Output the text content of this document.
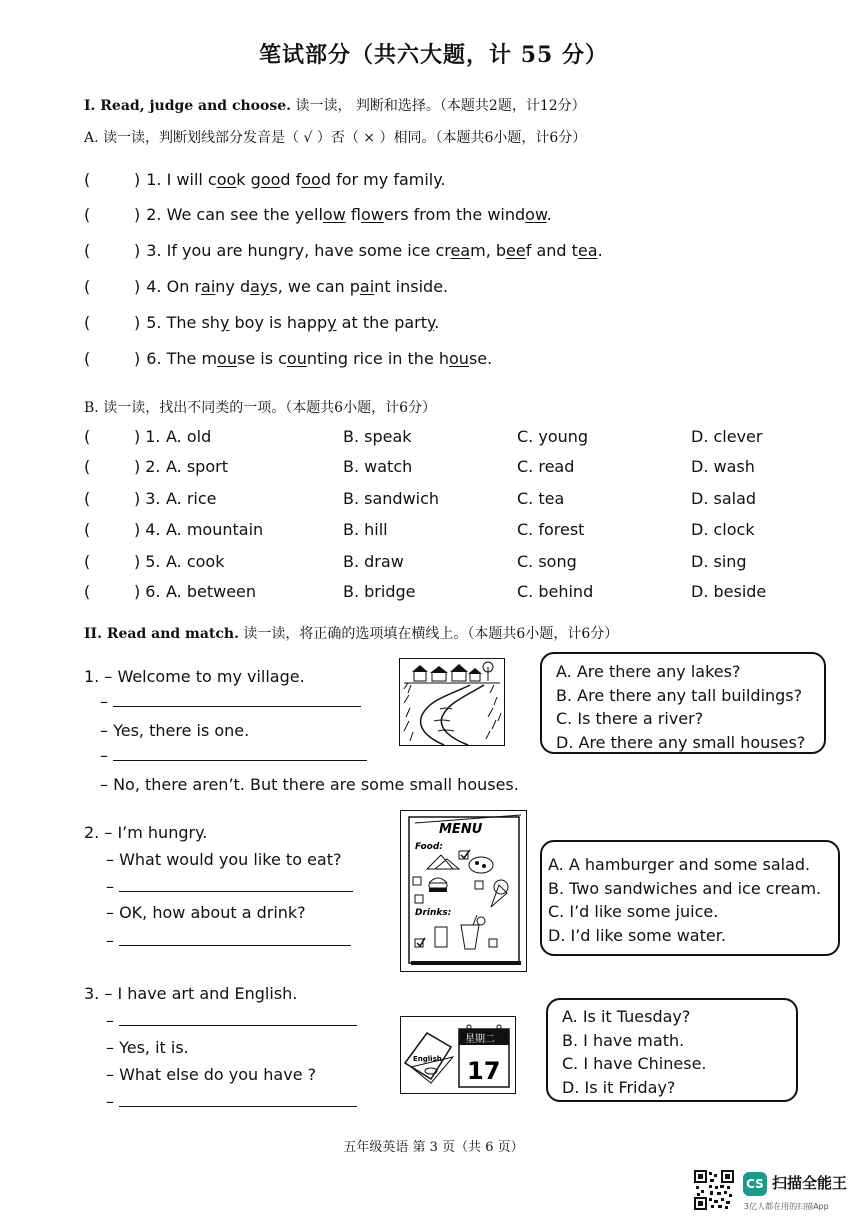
笔试部分（共六大题，计 55 分）
I. Read, judge and choose. 读一读， 判断和选择。（本题共2题，计12分）
A. 读一读，判断划线部分发音是（ √ ）否（ × ）相同。（本题共6小题，计6分）
(	) 1. I will cook good food for my family.
(	) 2. We can see the yellow flowers from the window.
(	) 3. If you are hungry, have some ice cream, beef and tea.
(	) 4. On rainy days, we can paint inside.
(	) 5. The shy boy is happy at the party.
(	) 6. The mouse is counting rice in the house.
B. 读一读，找出不同类的一项。（本题共6小题，计6分）
(	) 1. A. old	B. speak	C. young	D. clever
(	) 2. A. sport	B. watch	C. read	D. wash
(	) 3. A. rice	B. sandwich	C. tea	D. salad
(	) 4. A. mountain	B. hill	C. forest	D. clock
(	) 5. A. cook	B. draw	C. song	D. sing
(	) 6. A. between	B. bridge	C. behind	D. beside
II. Read and match. 读一读，将正确的选项填在横线上。（本题共6小题，计6分）
1. – Welcome to my village.
–
– Yes, there is one.
–
– No, there aren’t. But there are some small houses.
A. Are there any lakes?
B. Are there any tall buildings?
C. Is there a river?
D. Are there any small houses?
2. – I’m hungry.
– What would you like to eat?
–
– OK, how about a drink?
–
MENU
Food:
Drinks:
A. A hamburger and some salad.
B. Two sandwiches and ice cream.
C. I’d like some juice.
D. I’d like some water.
3. – I have art and English.
–
– Yes, it is.
– What else do you have ?
–
English
星期二
17
A. Is it Tuesday?
B. I have math.
C. I have Chinese.
D. Is it Friday?
五年级英语 第 3 页（共 6 页）
CS 扫描全能王
3亿人都在用的扫描App
